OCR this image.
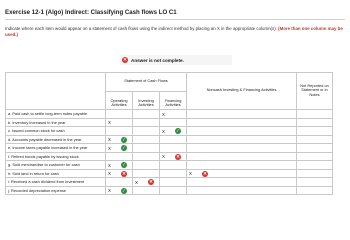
Exercise 12-1 (Algo) Indirect: Classifying Cash flows LO C1
Indicate where each item would appear on a statement of cash flows using the indirect method by placing an X in the appropriate column(s). (More than one column may be used.)
✕ Answer is not complete.
	Statement of Cash Flows			Noncash Investing & Financing Activities	Not Reported on Statement or in Notes
	Operating Activities	Investing Activities	Financing Activities		
a. Paid cash to settle long-term notes payable			X		

b. Inventory increased in the year	X				

c. Issued common stock for cash			X ✓		

d. Accounts payable decreased in the year	X ✓				

e. Income taxes payable increased in the year	X ✓				

f. Retired bonds payable by issuing stock			X ✕		

g. Sold merchandise to customer for cash	X ✓				

h. Sold land in return for cash	X ✕			X ✕	

i. Received a cash dividend from investment		X ✕			

j. Recorded depreciation expense	X ✓				
